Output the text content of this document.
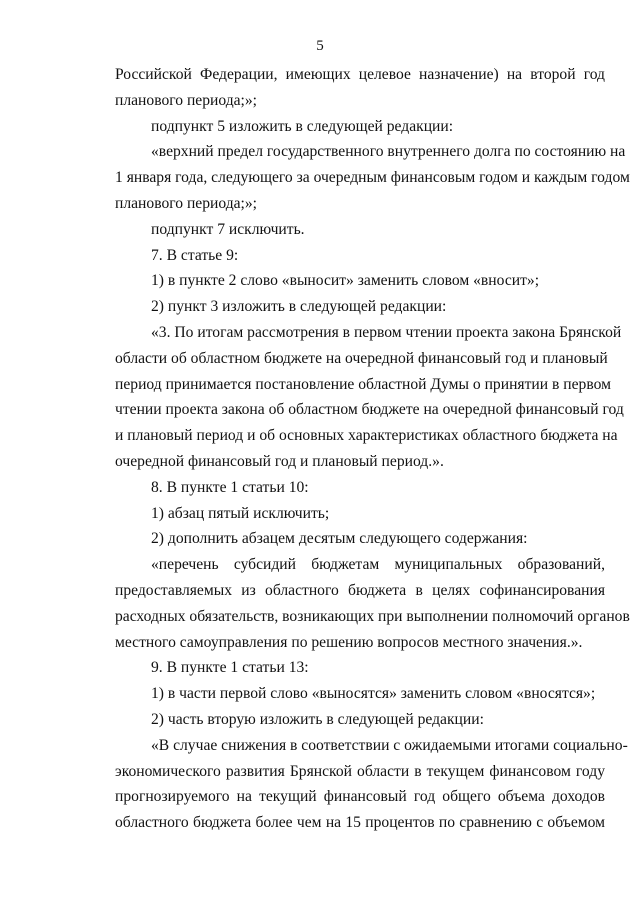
5
Российской Федерации, имеющих целевое назначение) на второй год
планового периода;»;
подпункт 5 изложить в следующей редакции:
«верхний предел государственного внутреннего долга по состоянию на
1 января года, следующего за очередным финансовым годом и каждым годом
планового периода;»;
подпункт 7 исключить.
7. В статье 9:
1) в пункте 2 слово «выносит» заменить словом «вносит»;
2) пункт 3 изложить в следующей редакции:
«3. По итогам рассмотрения в первом чтении проекта закона Брянской
области об областном бюджете на очередной финансовый год и плановый
период принимается постановление областной Думы о принятии в первом
чтении проекта закона об областном бюджете на очередной финансовый год
и плановый период и об основных характеристиках областного бюджета на
очередной финансовый год и плановый период.».
8. В пункте 1 статьи 10:
1) абзац пятый исключить;
2) дополнить абзацем десятым следующего содержания:
«перечень субсидий бюджетам муниципальных образований,
предоставляемых из областного бюджета в целях софинансирования
расходных обязательств, возникающих при выполнении полномочий органов
местного самоуправления по решению вопросов местного значения.».
9. В пункте 1 статьи 13:
1) в части первой слово «выносятся» заменить словом «вносятся»;
2) часть вторую изложить в следующей редакции:
«В случае снижения в соответствии с ожидаемыми итогами социально-
экономического развития Брянской области в текущем финансовом году
прогнозируемого на текущий финансовый год общего объема доходов
областного бюджета более чем на 15 процентов по сравнению с объемом
